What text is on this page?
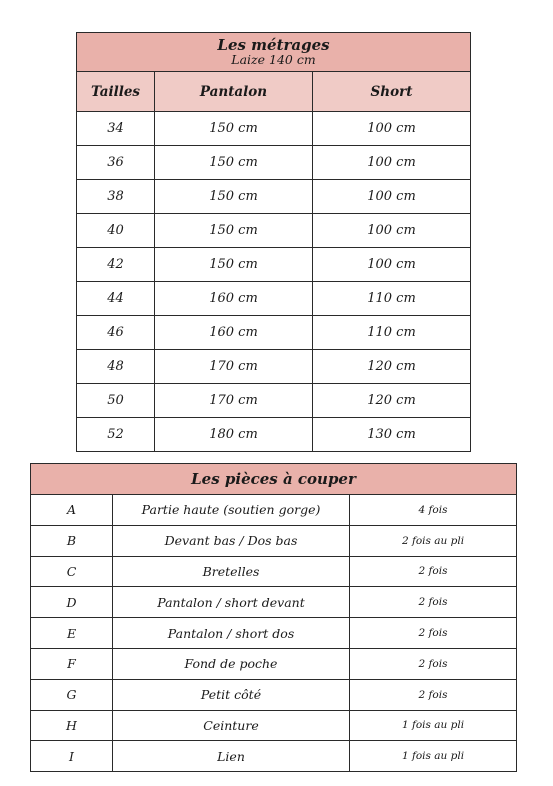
Les métrages
Laize 140 cm		

Tailles	Pantalon	Short
34	150 cm	100 cm
36	150 cm	100 cm
38	150 cm	100 cm
40	150 cm	100 cm
42	150 cm	100 cm
44	160 cm	110 cm
46	160 cm	110 cm
48	170 cm	120 cm
50	170 cm	120 cm
52	180 cm	130 cm
Les pièces à couper		
A	Partie haute (soutien gorge)	4 fois
B	Devant bas / Dos bas	2 fois au pli
C	Bretelles	2 fois
D	Pantalon / short devant	2 fois
E	Pantalon / short dos	2 fois
F	Fond de poche	2 fois
G	Petit côté	2 fois
H	Ceinture	1 fois au pli
I	Lien	1 fois au pli
